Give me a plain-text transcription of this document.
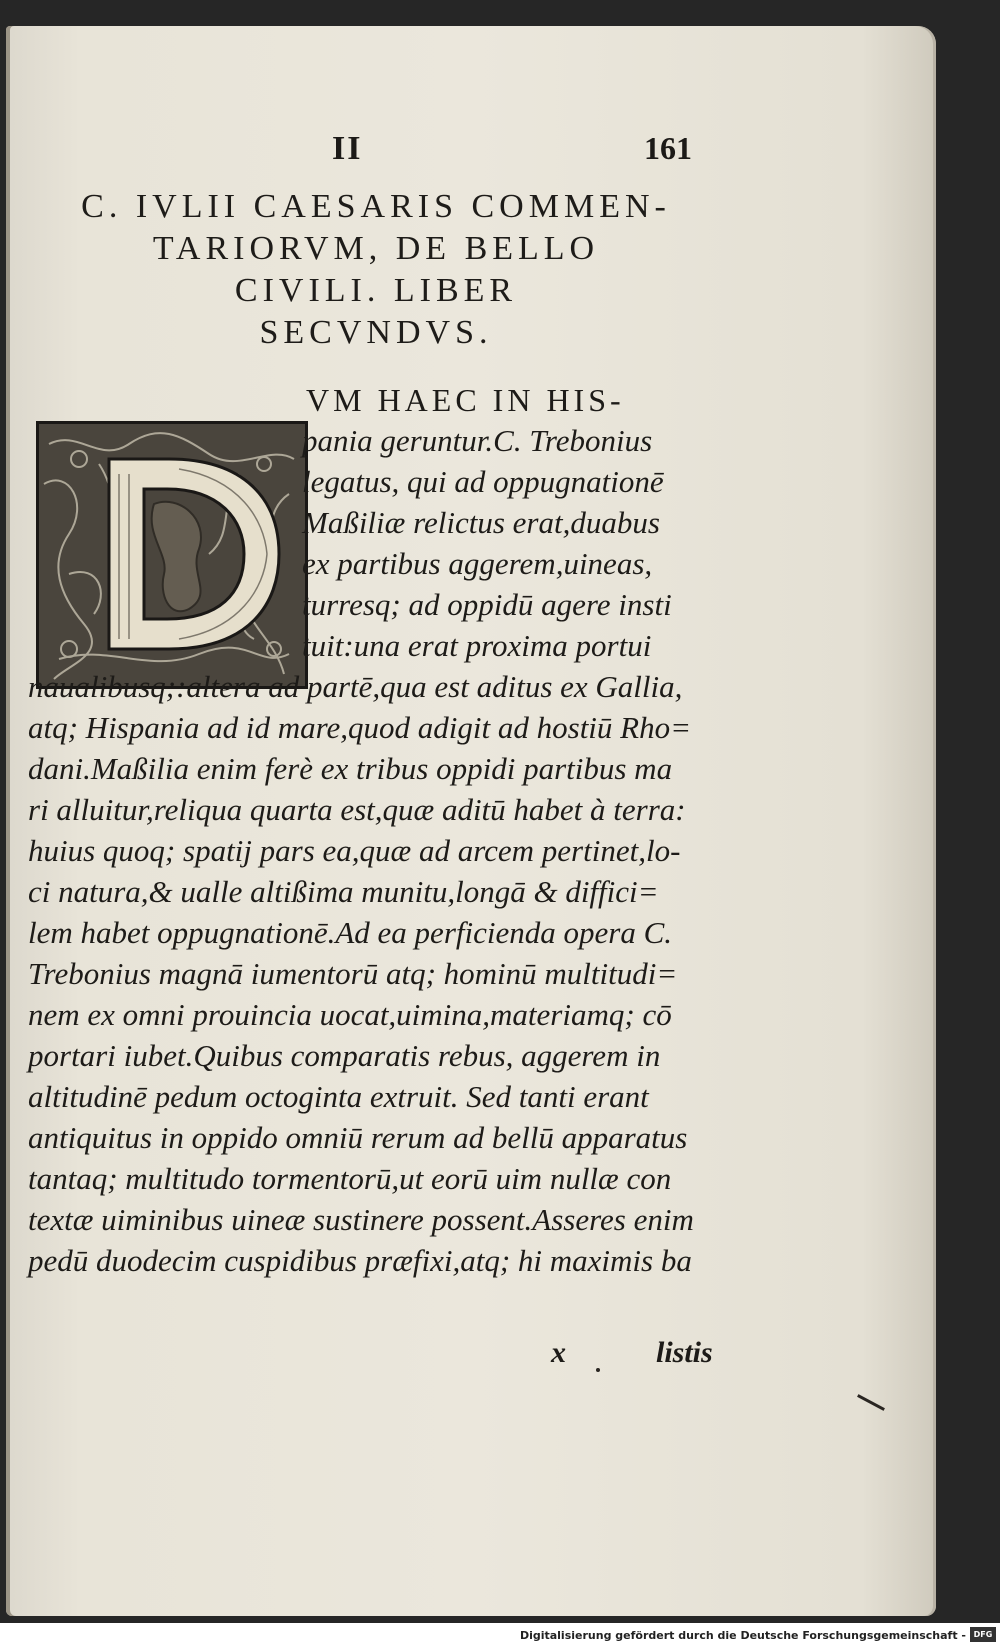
II	161
C. IVLII CAESARIS COMMEN-
TARIORVM, DE BELLO
CIVILI. LIBER
SECVNDVS.
VM HAEC IN HIS-
pania geruntur.C. Trebonius
legatus, qui ad oppugnationē
Maßiliæ relictus erat,duabus
ex partibus aggerem,uineas,
turresq; ad oppidū agere insti
tuit:una erat proxima portui
naualibusq;:altera ad partē,qua est aditus ex Gallia,
atq; Hispania ad id mare,quod adigit ad hostiū Rho=
dani.Maßilia enim ferè ex tribus oppidi partibus ma
ri alluitur,reliqua quarta est,quæ aditū habet à terra:
huius quoq; spatij pars ea,quæ ad arcem pertinet,lo-
ci natura,& ualle altißima munitu,longā & diffici=
lem habet oppugnationē.Ad ea perficienda opera C.
Trebonius magnā iumentorū atq; hominū multitudi=
nem ex omni prouincia uocat,uimina,materiamq; cō
portari iubet.Quibus comparatis rebus, aggerem in
altitudinē pedum octoginta extruit. Sed tanti erant
antiquitus in oppido omniū rerum ad bellū apparatus
tantaq; multitudo tormentorū,ut eorū uim nullæ con
textæ uiminibus uineæ sustinere possent.Asseres enim
pedū duodecim cuspidibus præfixi,atq; hi maximis ba
x	listis
Digitalisierung gefördert durch die Deutsche Forschungsgemeinschaft - DFG
